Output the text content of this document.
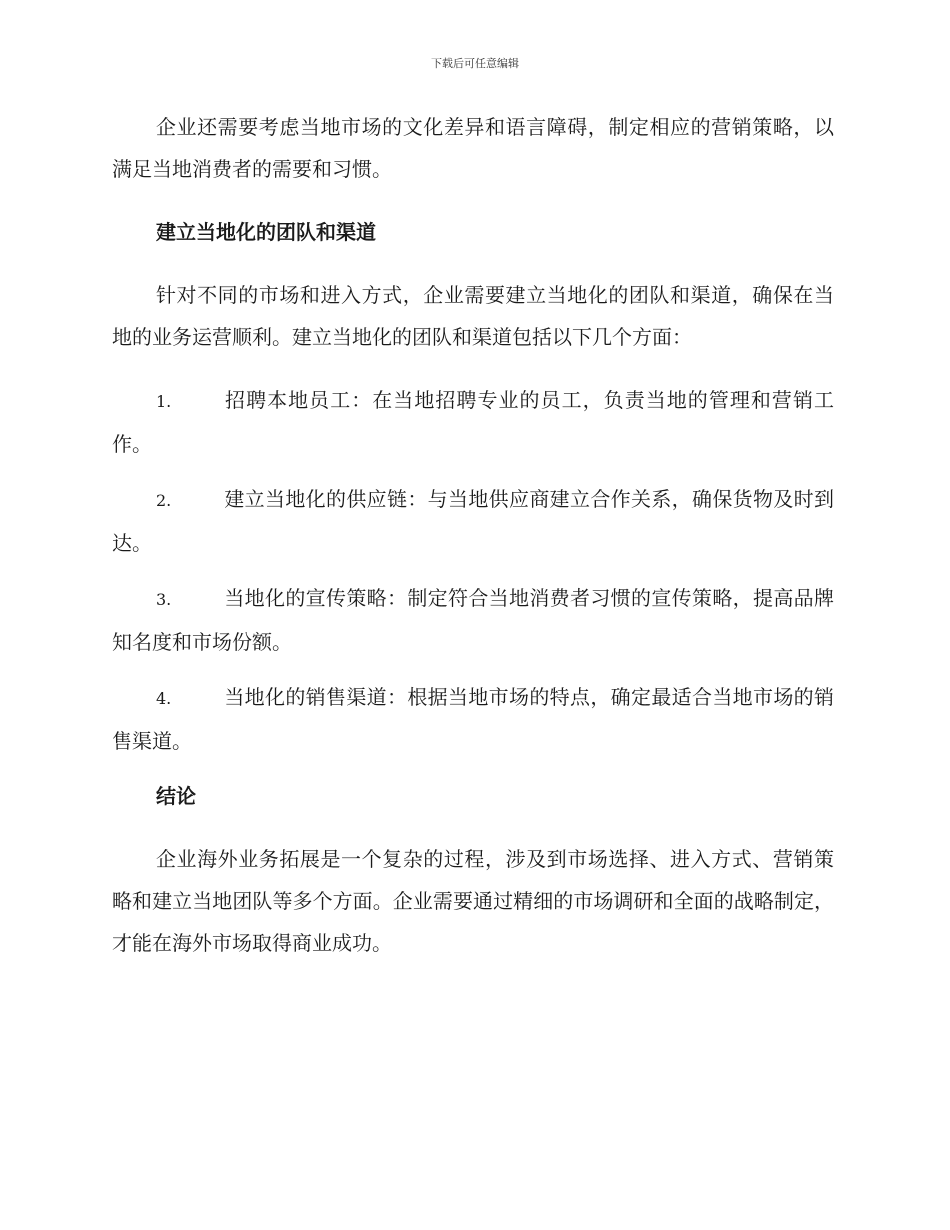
下载后可任意编辑

企业还需要考虑当地市场的文化差异和语言障碍，制定相应的营销策略，以满足当地消费者的需要和习惯。

建立当地化的团队和渠道

针对不同的市场和进入方式，企业需要建立当地化的团队和渠道，确保在当地的业务运营顺利。建立当地化的团队和渠道包括以下几个方面：

1.	招聘本地员工：在当地招聘专业的员工，负责当地的管理和营销工作。

2.	建立当地化的供应链：与当地供应商建立合作关系，确保货物及时到达。

3.	当地化的宣传策略：制定符合当地消费者习惯的宣传策略，提高品牌知名度和市场份额。

4.	当地化的销售渠道：根据当地市场的特点，确定最适合当地市场的销售渠道。

结论

企业海外业务拓展是一个复杂的过程，涉及到市场选择、进入方式、营销策略和建立当地团队等多个方面。企业需要通过精细的市场调研和全面的战略制定，才能在海外市场取得商业成功。
